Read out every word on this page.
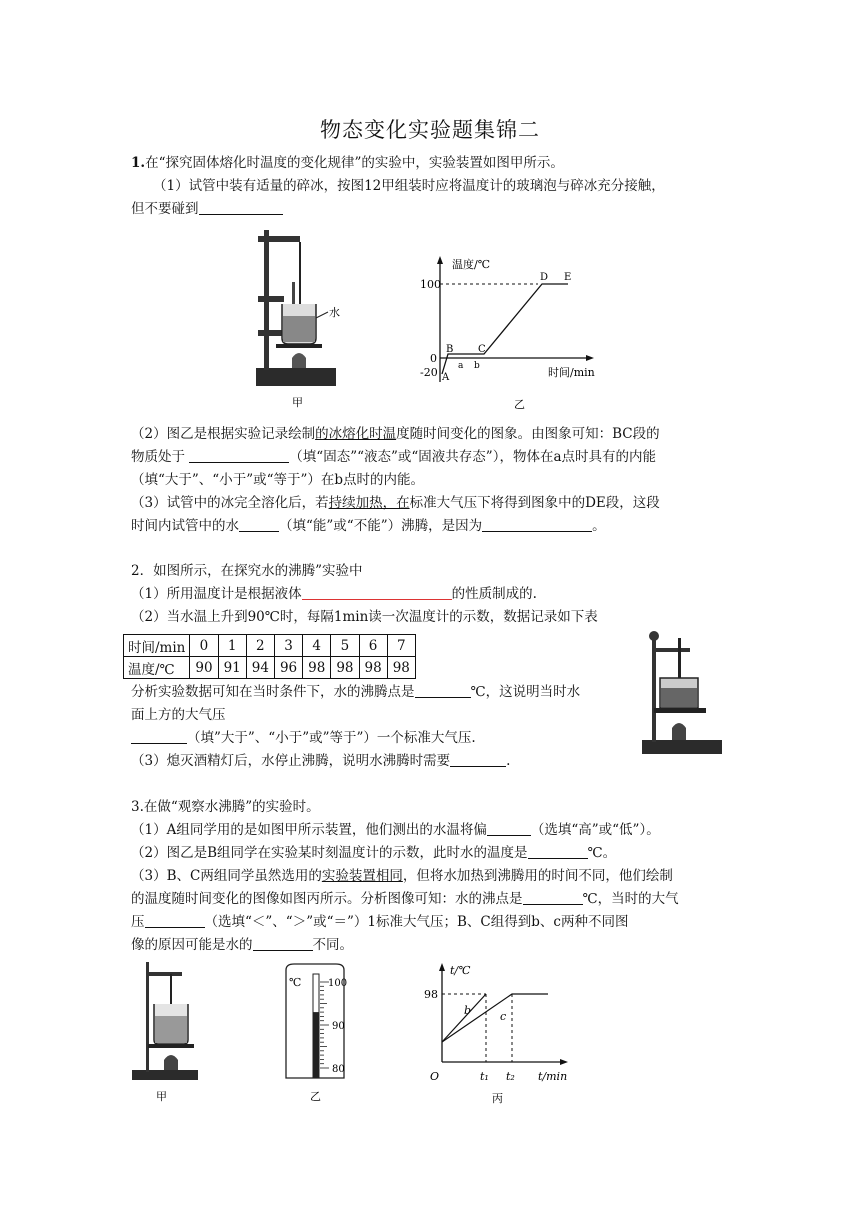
物态变化实验题集锦二
1.在“探究固体熔化时温度的变化规律”的实验中，实验装置如图甲所示。
（1）试管中装有适量的碎冰，按图12甲组装时应将温度计的玻璃泡与碎冰充分接触，
但不要碰到
水
甲
温度/℃
时间/min
100
0
-20 A
B C
D E
a b
乙
（2）图乙是根据实验记录绘制的冰熔化时温度随时间变化的图象。由图象可知：BC段的
物质处于	（填“固态”“液态”或“固液共存态”），物体在a点时具有的内能
（填“大于”、“小于”或“等于”）在b点时的内能。
（3）试管中的冰完全溶化后，若持续加热，在标准大气压下将得到图象中的DE段，这段
时间内试管中的水	（填“能”或“不能”）沸腾，是因为	。
2．如图所示，在探究水的沸腾”实验中
（1）所用温度计是根据液体	的性质制成的.
（2）当水温上升到90℃时，每隔1min读一次温度计的示数，数据记录如下表
时间/min	0	1	2	3	4	5	6	7
温度/℃	90	91	94	96	98	98	98	98
分析实验数据可知在当时条件下，水的沸腾点是	℃，这说明当时水
面上方的大气压
（填”大于”、“小于”或”等于”）一个标准大气压.
（3）熄灭酒精灯后，水停止沸腾，说明水沸腾时需要	.
3.在做“观察水沸腾”的实验时。
（1）A组同学用的是如图甲所示装置，他们测出的水温将偏	（选填“高”或“低”）。
（2）图乙是B组同学在实验某时刻温度计的示数，此时水的温度是	℃。
（3）B、C两组同学虽然选用的实验装置相同，但将水加热到沸腾用的时间不同，他们绘制
的温度随时间变化的图像如图丙所示。分析图像可知：水的沸点是	℃，当时的大气
压	（选填“＜”、“＞”或“＝”）1标准大气压；B、C组得到b、c两种不同图
像的原因可能是水的	不同。
甲
℃	100
90
80
乙
t/℃
t/min
98
O	t₁ t₂
b	c
丙
